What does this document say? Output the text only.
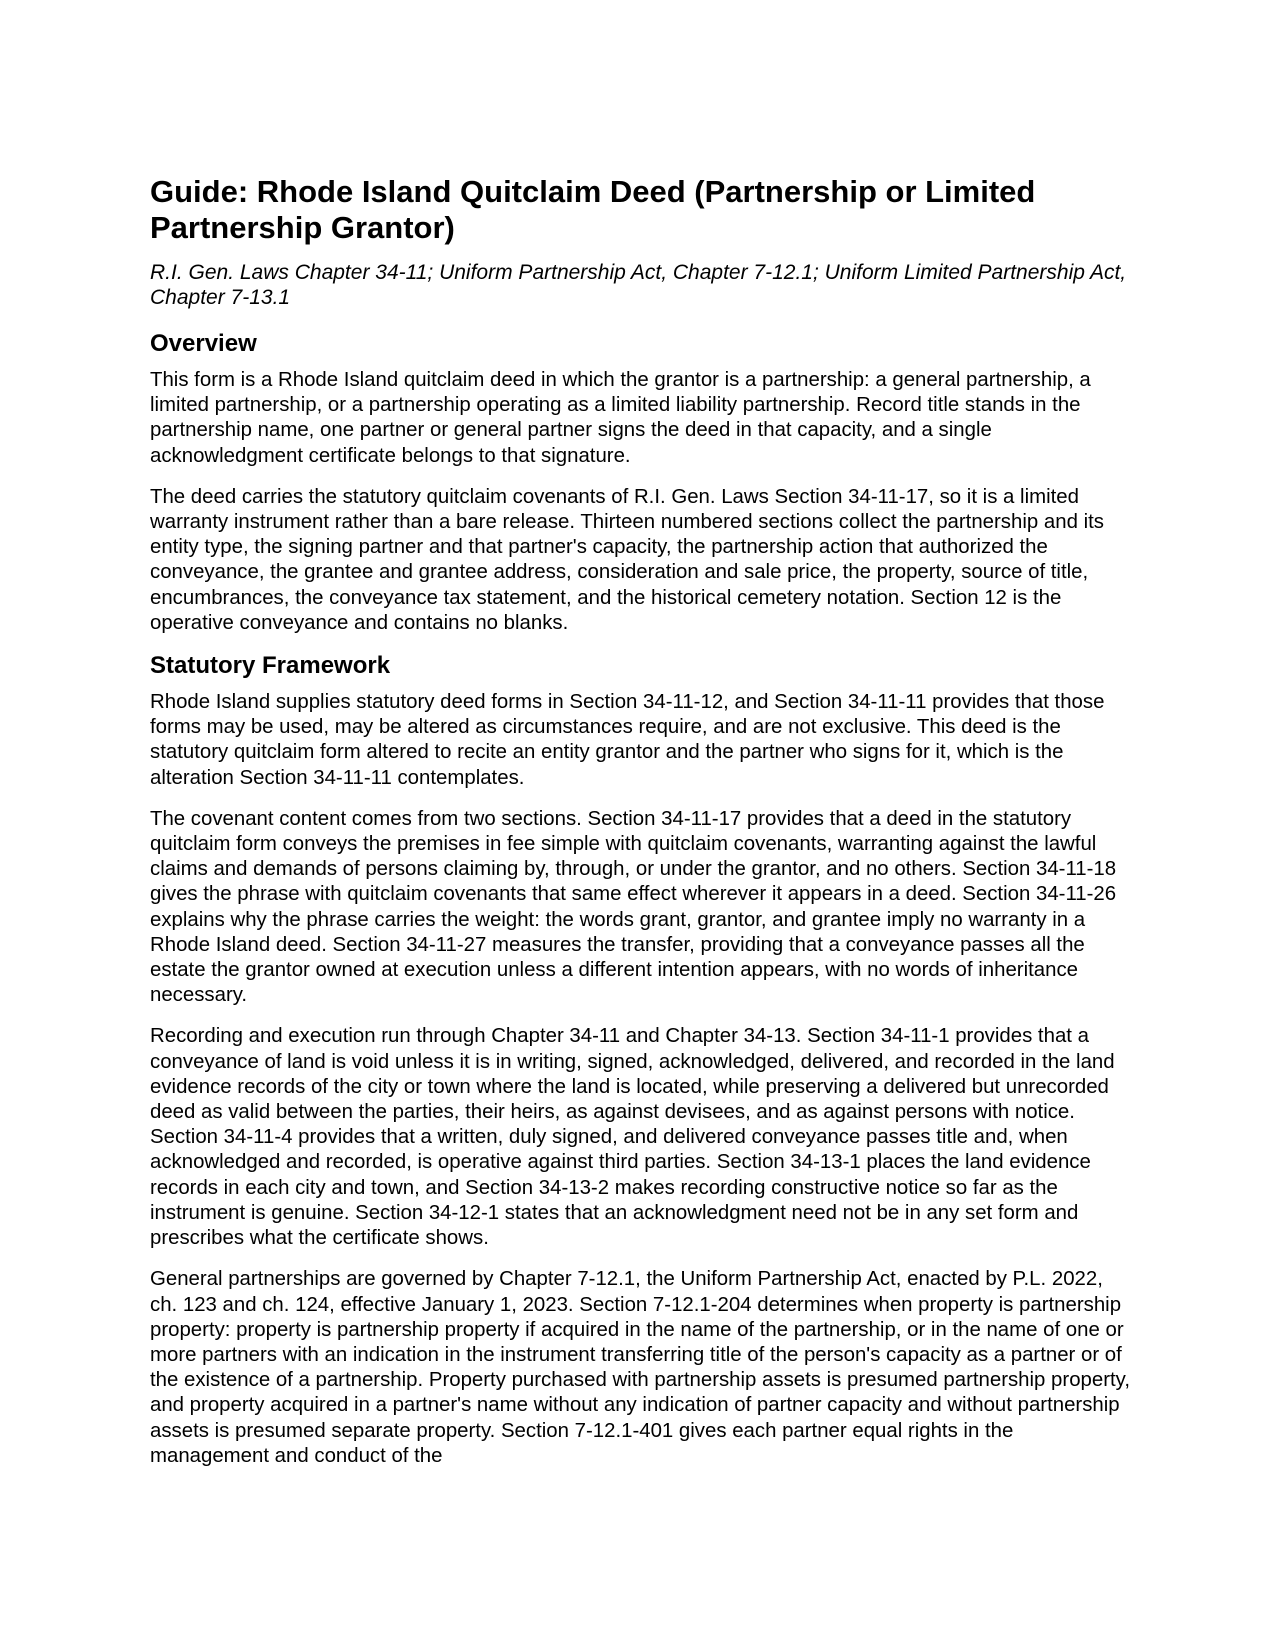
Guide: Rhode Island Quitclaim Deed (Partnership or Limited Partnership Grantor)
R.I. Gen. Laws Chapter 34-11; Uniform Partnership Act, Chapter 7-12.1; Uniform Limited Partnership Act, Chapter 7-13.1
Overview

This form is a Rhode Island quitclaim deed in which the grantor is a partnership: a general partnership, a limited partnership, or a partnership operating as a limited liability partnership. Record title stands in the partnership name, one partner or general partner signs the deed in that capacity, and a single acknowledgment certificate belongs to that signature.

The deed carries the statutory quitclaim covenants of R.I. Gen. Laws Section 34-11-17, so it is a limited warranty instrument rather than a bare release. Thirteen numbered sections collect the partnership and its entity type, the signing partner and that partner's capacity, the partnership action that authorized the conveyance, the grantee and grantee address, consideration and sale price, the property, source of title, encumbrances, the conveyance tax statement, and the historical cemetery notation. Section 12 is the operative conveyance and contains no blanks.

Statutory Framework

Rhode Island supplies statutory deed forms in Section 34-11-12, and Section 34-11-11 provides that those forms may be used, may be altered as circumstances require, and are not exclusive. This deed is the statutory quitclaim form altered to recite an entity grantor and the partner who signs for it, which is the alteration Section 34-11-11 contemplates.

The covenant content comes from two sections. Section 34-11-17 provides that a deed in the statutory quitclaim form conveys the premises in fee simple with quitclaim covenants, warranting against the lawful claims and demands of persons claiming by, through, or under the grantor, and no others. Section 34-11-18 gives the phrase with quitclaim covenants that same effect wherever it appears in a deed. Section 34-11-26 explains why the phrase carries the weight: the words grant, grantor, and grantee imply no warranty in a Rhode Island deed. Section 34-11-27 measures the transfer, providing that a conveyance passes all the estate the grantor owned at execution unless a different intention appears, with no words of inheritance necessary.

Recording and execution run through Chapter 34-11 and Chapter 34-13. Section 34-11-1 provides that a conveyance of land is void unless it is in writing, signed, acknowledged, delivered, and recorded in the land evidence records of the city or town where the land is located, while preserving a delivered but unrecorded deed as valid between the parties, their heirs, as against devisees, and as against persons with notice. Section 34-11-4 provides that a written, duly signed, and delivered conveyance passes title and, when acknowledged and recorded, is operative against third parties. Section 34-13-1 places the land evidence records in each city and town, and Section 34-13-2 makes recording constructive notice so far as the instrument is genuine. Section 34-12-1 states that an acknowledgment need not be in any set form and prescribes what the certificate shows.

General partnerships are governed by Chapter 7-12.1, the Uniform Partnership Act, enacted by P.L. 2022, ch. 123 and ch. 124, effective January 1, 2023. Section 7-12.1-204 determines when property is partnership property: property is partnership property if acquired in the name of the partnership, or in the name of one or more partners with an indication in the instrument transferring title of the person's capacity as a partner or of the existence of a partnership. Property purchased with partnership assets is presumed partnership property, and property acquired in a partner's name without any indication of partner capacity and without partnership assets is presumed separate property. Section 7-12.1-401 gives each partner equal rights in the management and conduct of the
